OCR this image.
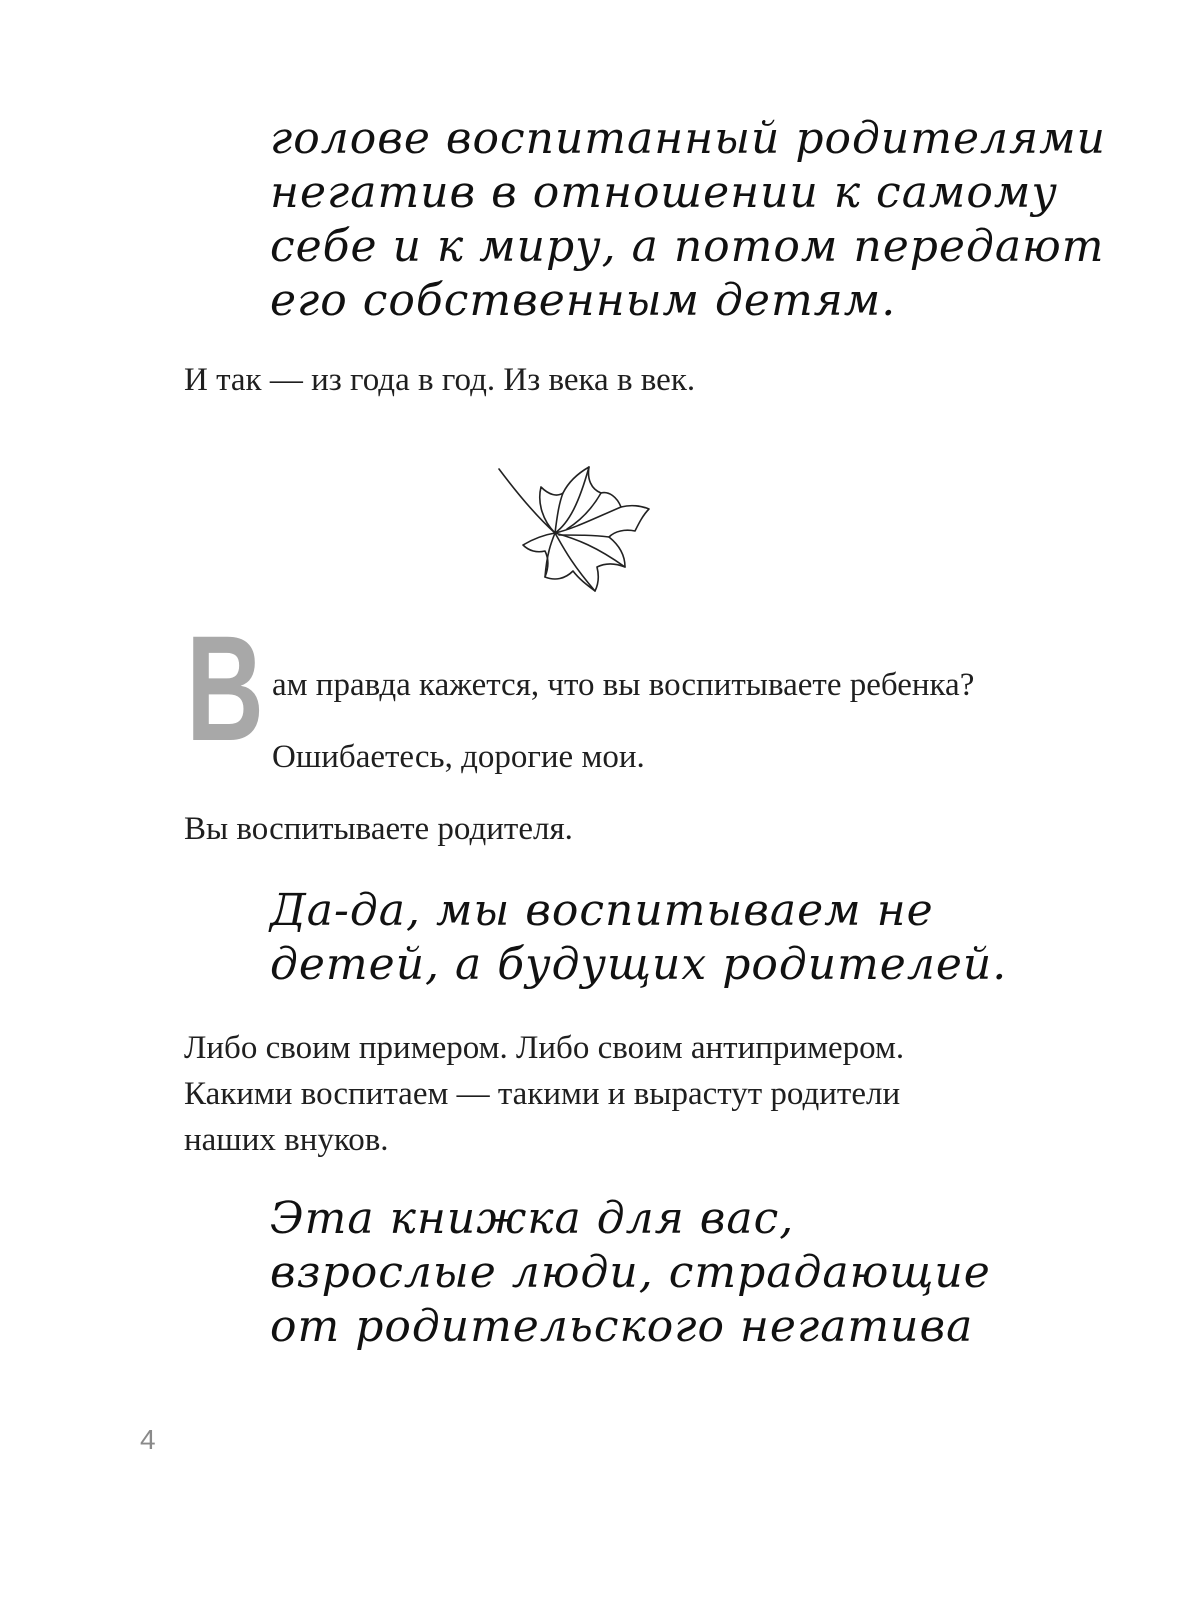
голове воспитанный родителями
негатив в отношении к самому
себе и к миру, а потом передают
его собственным детям.

И так — из года в год. Из века в век.

В ам правда кажется, что вы воспитываете ребенка?

Ошибаетесь, дорогие мои.

Вы воспитываете родителя.

Да-да, мы воспитываем не
детей, а будущих родителей.

Либо своим примером. Либо своим антипримером.
Какими воспитаем — такими и вырастут родители
наших внуков.

Эта книжка для вас,
взрослые люди, страдающие
от родительского негатива
4
